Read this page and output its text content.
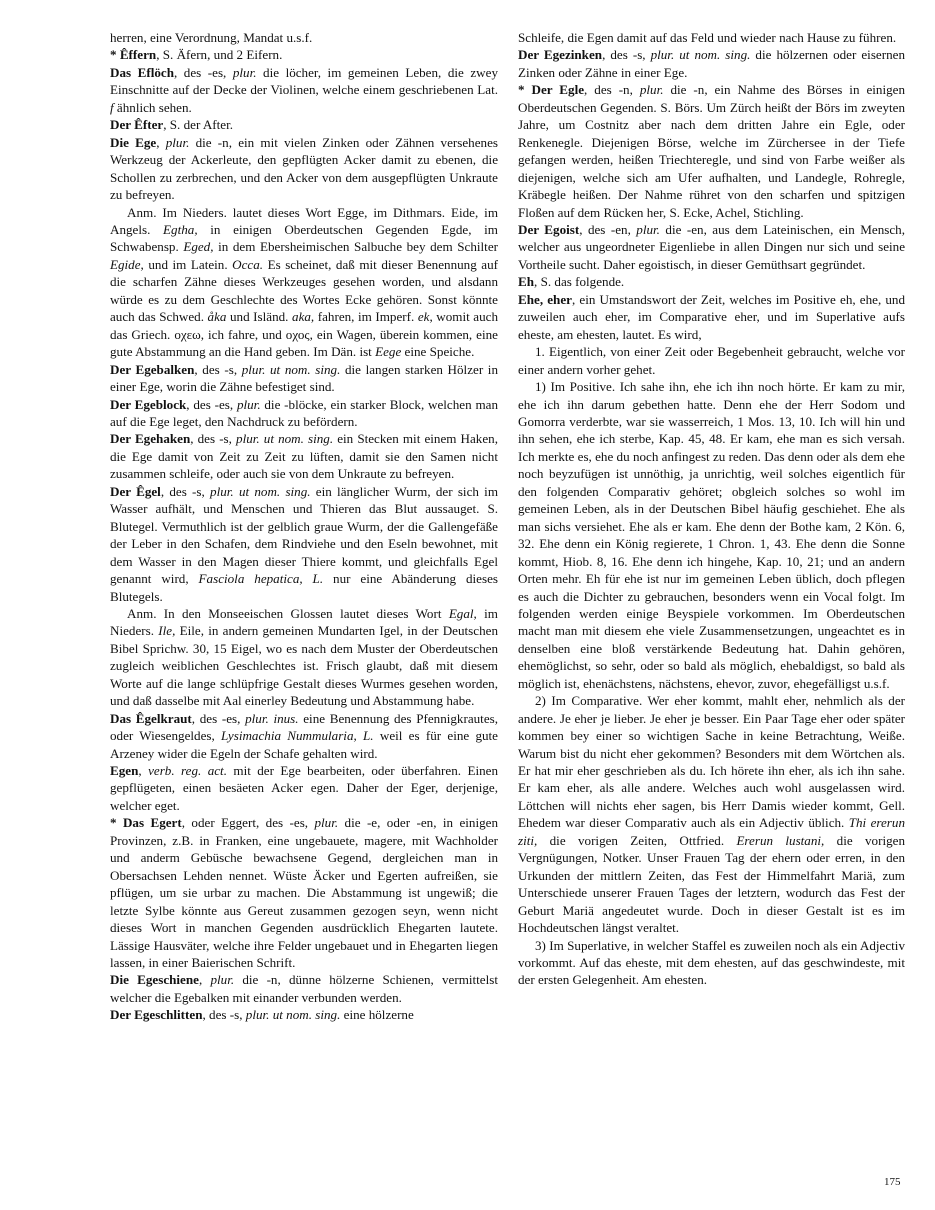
herren, eine Verordnung, Mandat u.s.f.

* Êffern, S. Äfern, und 2 Eifern.

Das Eflöch, des -es, plur. die löcher, im gemeinen Leben, die zwey Einschnitte auf der Decke der Violinen, welche einem geschriebenen Lat. f ähnlich sehen.

Der Êfter, S. der After.

Die Ege, plur. die -n, ein mit vielen Zinken oder Zähnen versehenes Werkzeug der Ackerleute, den gepflügten Acker damit zu ebenen, die Schollen zu zerbrechen, und den Acker von dem ausgepflügten Unkraute zu befreyen.

Anm. Im Nieders. lautet dieses Wort Egge, im Dithmars. Eide, im Angels. Egtha, in einigen Oberdeutschen Gegenden Egde, im Schwabensp. Eged, in dem Ebersheimischen Salbuche bey dem Schilter Egide, und im Latein. Occa. Es scheinet, daß mit dieser Benennung auf die scharfen Zähne dieses Werkzeuges gesehen worden, und alsdann würde es zu dem Geschlechte des Wortes Ecke gehören. Sonst könnte auch das Schwed. åka und Isländ. aka, fahren, im Imperf. ek, womit auch das Griech. οχεω, ich fahre, und οχος, ein Wagen, überein kommen, eine gute Abstammung an die Hand geben. Im Dän. ist Eege eine Speiche.

Der Egebalken, des -s, plur. ut nom. sing. die langen starken Hölzer in einer Ege, worin die Zähne befestiget sind.

Der Egeblock, des -es, plur. die -blöcke, ein starker Block, welchen man auf die Ege leget, den Nachdruck zu befördern.

Der Egehaken, des -s, plur. ut nom. sing. ein Stecken mit einem Haken, die Ege damit von Zeit zu Zeit zu lüften, damit sie den Samen nicht zusammen schleife, oder auch sie von dem Unkraute zu befreyen.

Der Êgel, des -s, plur. ut nom. sing. ein länglicher Wurm, der sich im Wasser aufhält, und Menschen und Thieren das Blut aussauget. S. Blutegel. Vermuthlich ist der gelblich graue Wurm, der die Gallengefäße der Leber in den Schafen, dem Rindviehe und den Eseln bewohnet, mit dem Wasser in den Magen dieser Thiere kommt, und gleichfalls Egel genannt wird, Fasciola hepatica, L. nur eine Abänderung dieses Blutegels.

Anm. In den Monseeischen Glossen lautet dieses Wort Egal, im Nieders. Ile, Eile, in andern gemeinen Mundarten Igel, in der Deutschen Bibel Sprichw. 30, 15 Eigel, wo es nach dem Muster der Oberdeutschen zugleich weiblichen Geschlechtes ist. Frisch glaubt, daß mit diesem Worte auf die lange schlüpfrige Gestalt dieses Wurmes gesehen worden, und daß dasselbe mit Aal einerley Bedeutung und Abstammung habe.

Das Êgelkraut, des -es, plur. inus. eine Benennung des Pfennigkrautes, oder Wiesengeldes, Lysimachia Nummularia, L. weil es für eine gute Arzeney wider die Egeln der Schafe gehalten wird.

Egen, verb. reg. act. mit der Ege bearbeiten, oder überfahren. Einen gepflügeten, einen besäeten Acker egen. Daher der Eger, derjenige, welcher eget.

* Das Egert, oder Eggert, des -es, plur. die -e, oder -en, in einigen Provinzen, z.B. in Franken, eine ungebauete, magere, mit Wachholder und anderm Gebüsche bewachsene Gegend, dergleichen man in Obersachsen Lehden nennet. Wüste Äcker und Egerten aufreißen, sie pflügen, um sie urbar zu machen. Die Abstammung ist ungewiß; die letzte Sylbe könnte aus Gereut zusammen gezogen seyn, wenn nicht dieses Wort in manchen Gegenden ausdrücklich Ehegarten lautete. Lässige Hausväter, welche ihre Felder ungebauet und in Ehegarten liegen lassen, in einer Baierischen Schrift.

Die Egeschiene, plur. die -n, dünne hölzerne Schienen, vermittelst welcher die Egebalken mit einander verbunden werden.

Der Egeschlitten, des -s, plur. ut nom. sing. eine hölzerne

Schleife, die Egen damit auf das Feld und wieder nach Hause zu führen.

Der Egezinken, des -s, plur. ut nom. sing. die hölzernen oder eisernen Zinken oder Zähne in einer Ege.

* Der Egle, des -n, plur. die -n, ein Nahme des Börses in einigen Oberdeutschen Gegenden. S. Börs. Um Zürch heißt der Börs im zweyten Jahre, um Costnitz aber nach dem dritten Jahre ein Egle, oder Renkenegle. Diejenigen Börse, welche im Zürchersee in der Tiefe gefangen werden, heißen Triechteregle, und sind von Farbe weißer als diejenigen, welche sich am Ufer aufhalten, und Landegle, Rohregle, Kräbegle heißen. Der Nahme rühret von den scharfen und spitzigen Floßen auf dem Rücken her, S. Ecke, Achel, Stichling.

Der Egoist, des -en, plur. die -en, aus dem Lateinischen, ein Mensch, welcher aus ungeordneter Eigenliebe in allen Dingen nur sich und seine Vortheile sucht. Daher egoistisch, in dieser Gemüthsart gegründet.

Eh, S. das folgende.

Ehe, eher, ein Umstandswort der Zeit, welches im Positive eh, ehe, und zuweilen auch eher, im Comparative eher, und im Superlative aufs eheste, am ehesten, lautet. Es wird,

1. Eigentlich, von einer Zeit oder Begebenheit gebraucht, welche vor einer andern vorher gehet.

1) Im Positive. Ich sahe ihn, ehe ich ihn noch hörte. Er kam zu mir, ehe ich ihn darum gebethen hatte. Denn ehe der Herr Sodom und Gomorra verderbte, war sie wasserreich, 1 Mos. 13, 10. Ich will hin und ihn sehen, ehe ich sterbe, Kap. 45, 48. Er kam, ehe man es sich versah. Ich merkte es, ehe du noch anfingest zu reden. Das denn oder als dem ehe noch beyzufügen ist unnöthig, ja unrichtig, weil solches eigentlich für den folgenden Comparativ gehöret; obgleich solches so wohl im gemeinen Leben, als in der Deutschen Bibel häufig geschiehet. Ehe als man sichs versiehet. Ehe als er kam. Ehe denn der Bothe kam, 2 Kön. 6, 32. Ehe denn ein König regierete, 1 Chron. 1, 43. Ehe denn die Sonne kommt, Hiob. 8, 16. Ehe denn ich hingehe, Kap. 10, 21; und an andern Orten mehr. Eh für ehe ist nur im gemeinen Leben üblich, doch pflegen es auch die Dichter zu gebrauchen, besonders wenn ein Vocal folgt. Im folgenden werden einige Beyspiele vorkommen. Im Oberdeutschen macht man mit diesem ehe viele Zusammensetzungen, ungeachtet es in denselben eine bloß verstärkende Bedeutung hat. Dahin gehören, ehemöglichst, so sehr, oder so bald als möglich, ehebaldigst, so bald als möglich ist, ehenächstens, nächstens, ehevor, zuvor, ehegefälligst u.s.f.

2) Im Comparative. Wer eher kommt, mahlt eher, nehmlich als der andere. Je eher je lieber. Je eher je besser. Ein Paar Tage eher oder später kommen bey einer so wichtigen Sache in keine Betrachtung, Weiße. Warum bist du nicht eher gekommen? Besonders mit dem Wörtchen als. Er hat mir eher geschrieben als du. Ich hörete ihn eher, als ich ihn sahe. Er kam eher, als alle andere. Welches auch wohl ausgelassen wird. Löttchen will nichts eher sagen, bis Herr Damis wieder kommt, Gell. Ehedem war dieser Comparativ auch als ein Adjectiv üblich. Thi ererun ziti, die vorigen Zeiten, Ottfried. Ererun lustani, die vorigen Vergnügungen, Notker. Unser Frauen Tag der ehern oder erren, in den Urkunden der mittlern Zeiten, das Fest der Himmelfahrt Mariä, zum Unterschiede unserer Frauen Tages der letztern, wodurch das Fest der Geburt Mariä angedeutet wurde. Doch in dieser Gestalt ist es im Hochdeutschen längst veraltet.

3) Im Superlative, in welcher Staffel es zuweilen noch als ein Adjectiv vorkommt. Auf das eheste, mit dem ehesten, auf das geschwindeste, mit der ersten Gelegenheit. Am ehesten.

175
